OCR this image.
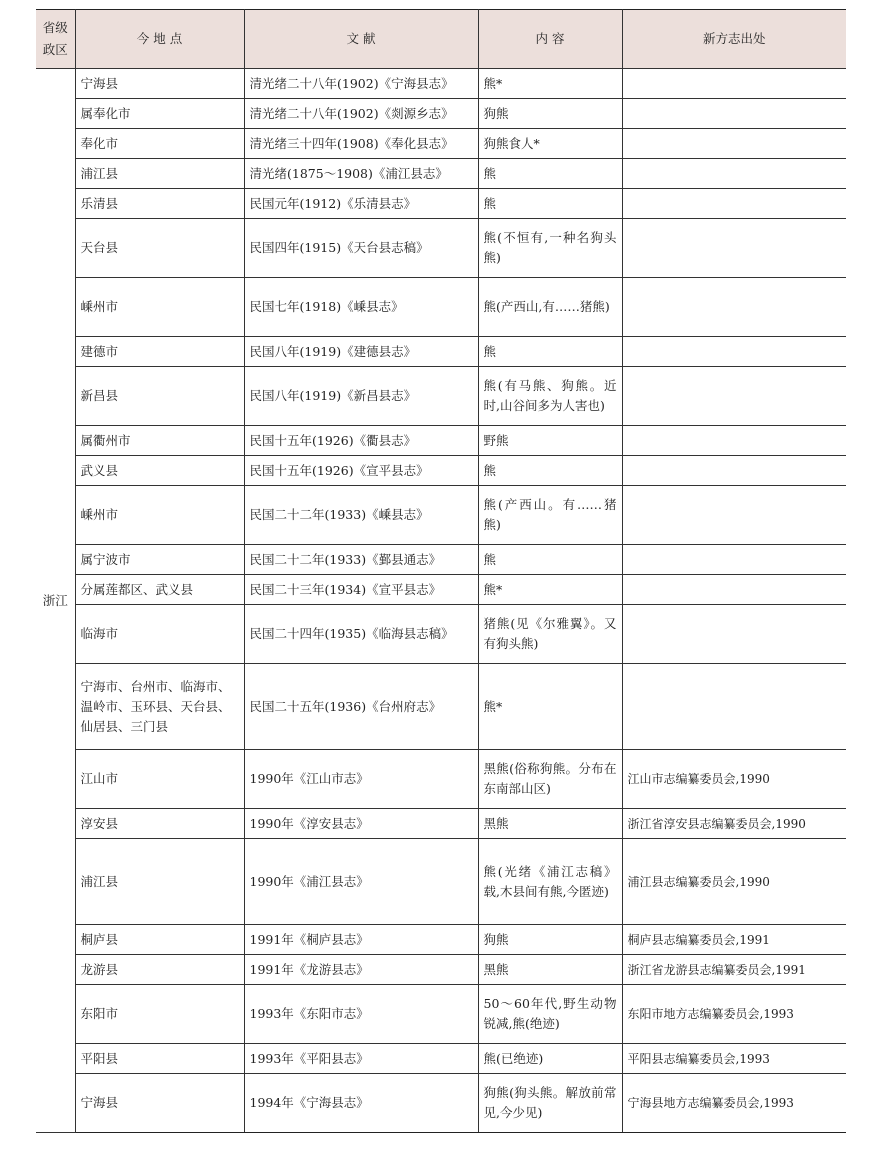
省级政区	今 地 点	文 献	内 容	新方志出处
浙江	宁海县	清光绪二十八年(1902)《宁海县志》	熊*	
	属奉化市	清光绪二十八年(1902)《剡源乡志》	狗熊	
	奉化市	清光绪三十四年(1908)《奉化县志》	狗熊食人*	
	浦江县	清光绪(1875～1908)《浦江县志》	熊	
	乐清县	民国元年(1912)《乐清县志》	熊	
	天台县	民国四年(1915)《天台县志稿》	熊(不恒有,一种名狗头熊)	
	嵊州市	民国七年(1918)《嵊县志》	熊(产西山,有……猪熊)	
	建德市	民国八年(1919)《建德县志》	熊	
	新昌县	民国八年(1919)《新昌县志》	熊(有马熊、狗熊。近时,山谷间多为人害也)	
	属衢州市	民国十五年(1926)《衢县志》	野熊	
	武义县	民国十五年(1926)《宣平县志》	熊	
	嵊州市	民国二十二年(1933)《嵊县志》	熊(产西山。有……猪熊)	
	属宁波市	民国二十二年(1933)《鄞县通志》	熊	
	分属莲都区、武义县	民国二十三年(1934)《宣平县志》	熊*	
	临海市	民国二十四年(1935)《临海县志稿》	猪熊(见《尔雅翼》。又有狗头熊)	
	宁海市、台州市、临海市、温岭市、玉环县、天台县、仙居县、三门县	民国二十五年(1936)《台州府志》	熊*	
	江山市	1990年《江山市志》	黑熊(俗称狗熊。分布在东南部山区)	江山市志编纂委员会,1990
	淳安县	1990年《淳安县志》	黑熊	浙江省淳安县志编纂委员会,1990
	浦江县	1990年《浦江县志》	熊(光绪《浦江志稿》载,木县间有熊,今匿迹)	浦江县志编纂委员会,1990
	桐庐县	1991年《桐庐县志》	狗熊	桐庐县志编纂委员会,1991
	龙游县	1991年《龙游县志》	黑熊	浙江省龙游县志编纂委员会,1991
	东阳市	1993年《东阳市志》	50～60年代,野生动物锐减,熊(绝迹)	东阳市地方志编纂委员会,1993
	平阳县	1993年《平阳县志》	熊(已绝迹)	平阳县志编纂委员会,1993
	宁海县	1994年《宁海县志》	狗熊(狗头熊。解放前常见,今少见)	宁海县地方志编纂委员会,1993
